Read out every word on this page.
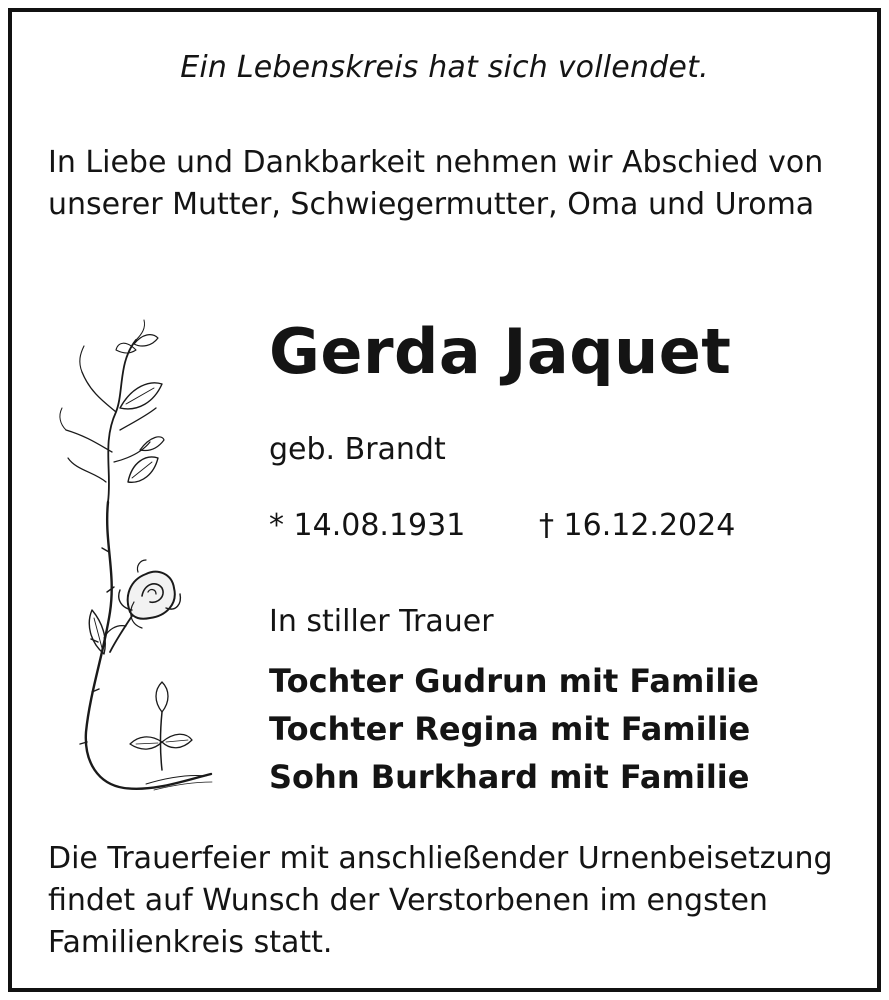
Ein Lebenskreis hat sich vollendet.
In Liebe und Dankbarkeit nehmen wir Abschied von unserer Mutter, Schwiegermutter, Oma und Uroma
Gerda Jaquet
geb. Brandt
* 14.08.1931 † 16.12.2024
In stiller Trauer
Tochter Gudrun mit Familie
Tochter Regina mit Familie
Sohn Burkhard mit Familie
Die Trauerfeier mit anschließender Urnenbeisetzung findet auf Wunsch der Verstorbenen im engsten Familienkreis statt.
